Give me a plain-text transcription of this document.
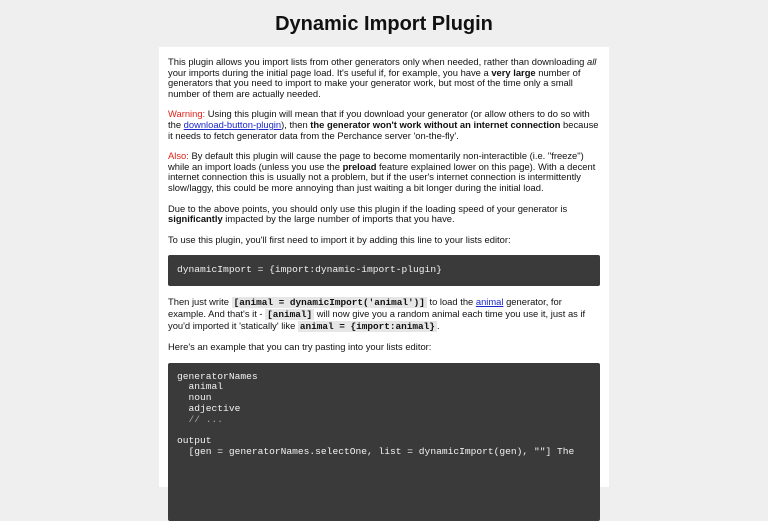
Dynamic Import Plugin

This plugin allows you import lists from other generators only when needed, rather than downloading all your imports during the initial page load. It's useful if, for example, you have a very large number of generators that you need to import to make your generator work, but most of the time only a small number of them are actually needed.

Warning: Using this plugin will mean that if you download your generator (or allow others to do so with the download-button-plugin), then the generator won't work without an internet connection because it needs to fetch generator data from the Perchance server 'on-the-fly'.

Also: By default this plugin will cause the page to become momentarily non-interactible (i.e. "freeze") while an import loads (unless you use the preload feature explained lower on this page). With a decent internet connection this is usually not a problem, but if the user's internet connection is intermittently slow/laggy, this could be more annoying than just waiting a bit longer during the initial load.

Due to the above points, you should only use this plugin if the loading speed of your generator is significantly impacted by the large number of imports that you have.

To use this plugin, you'll first need to import it by adding this line to your lists editor:

dynamicImport = {import:dynamic-import-plugin}

Then just write [animal = dynamicImport('animal')] to load the animal generator, for example. And that's it - [animal] will now give you a random animal each time you use it, just as if you'd imported it 'statically' like animal = {import:animal} .

Here's an example that you can try pasting into your lists editor:

generatorNames
animal
noun
adjective
// ...
output
[gen = generatorNames.selectOne, list = dynamicImport(gen), ""] The
